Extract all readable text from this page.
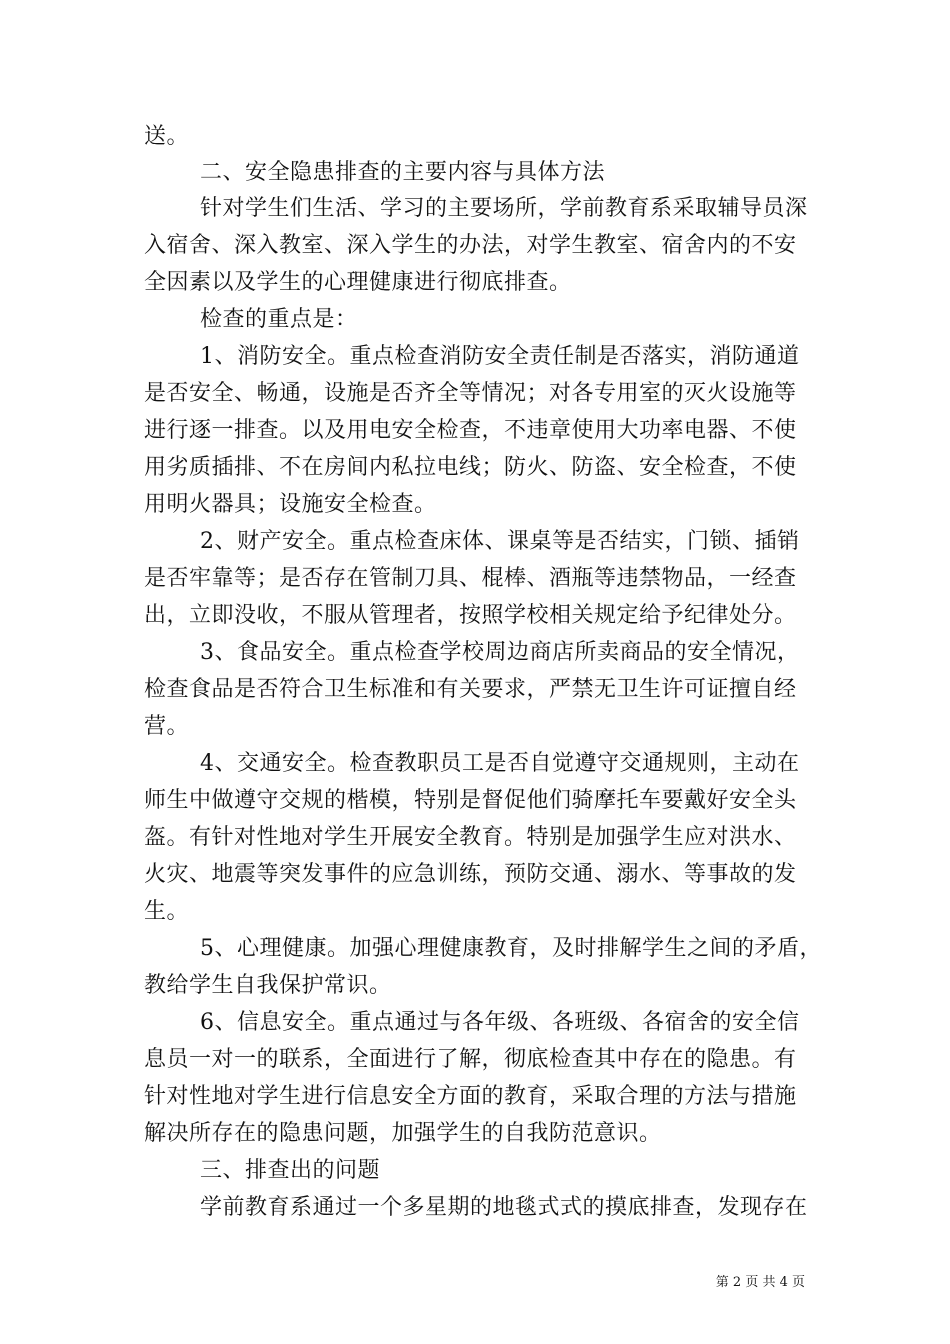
送。
二、安全隐患排查的主要内容与具体方法
针对学生们生活、学习的主要场所，学前教育系采取辅导员深
入宿舍、深入教室、深入学生的办法，对学生教室、宿舍内的不安
全因素以及学生的心理健康进行彻底排查。
检查的重点是：
1、消防安全。重点检查消防安全责任制是否落实，消防通道
是否安全、畅通，设施是否齐全等情况；对各专用室的灭火设施等
进行逐一排查。以及用电安全检查，不违章使用大功率电器、不使
用劣质插排、不在房间内私拉电线；防火、防盗、安全检查，不使
用明火器具；设施安全检查。
2、财产安全。重点检查床体、课桌等是否结实，门锁、插销
是否牢靠等；是否存在管制刀具、棍棒、酒瓶等违禁物品，一经查
出，立即没收，不服从管理者，按照学校相关规定给予纪律处分。
3、食品安全。重点检查学校周边商店所卖商品的安全情况，
检查食品是否符合卫生标准和有关要求，严禁无卫生许可证擅自经
营。
4、交通安全。检查教职员工是否自觉遵守交通规则，主动在
师生中做遵守交规的楷模，特别是督促他们骑摩托车要戴好安全头
盔。有针对性地对学生开展安全教育。特别是加强学生应对洪水、
火灾、地震等突发事件的应急训练，预防交通、溺水、等事故的发
生。
5、心理健康。加强心理健康教育，及时排解学生之间的矛盾，
教给学生自我保护常识。
6、信息安全。重点通过与各年级、各班级、各宿舍的安全信
息员一对一的联系，全面进行了解，彻底检查其中存在的隐患。有
针对性地对学生进行信息安全方面的教育，采取合理的方法与措施
解决所存在的隐患问题，加强学生的自我防范意识。
三、排查出的问题
学前教育系通过一个多星期的地毯式式的摸底排查，发现存在
第 2 页 共 4 页
